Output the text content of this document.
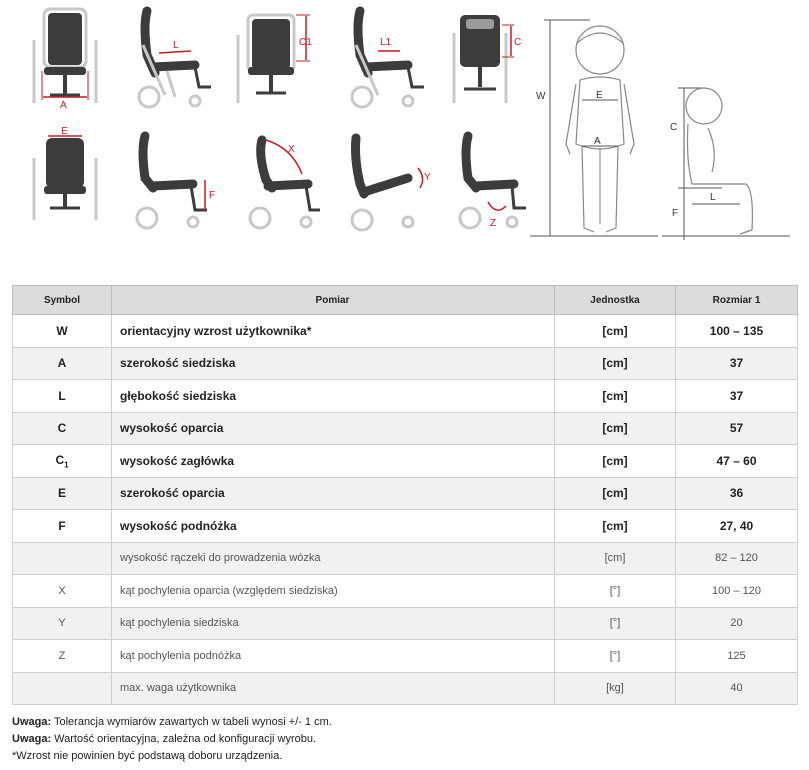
A
L	C1	L1	C
E
F
X
Y
Z
W	E
A
C
F
L
Symbol	Pomiar	Jednostka	Rozmiar 1
W	orientacyjny wzrost użytkownika*	[cm]	100 – 135
A	szerokość siedziska	[cm]	37
L	głębokość siedziska	[cm]	37
C	wysokość oparcia	[cm]	57
$C_1$	wysokość zagłówka	[cm]	47 – 60
E	szerokość oparcia	[cm]	36
F	wysokość podnóżka	[cm]	27, 40
	wysokość rączeki do prowadzenia wózka	[cm]	82 – 120
X	kąt pochylenia oparcia (względem siedziska)	[°]	100 – 120
Y	kąt pochylenia siedziska	[°]	20
Z	kąt pochylenia podnóżka	[°]	125
	max. waga użytkownika	[kg]	40
Uwaga: Tolerancja wymiarów zawartych w tabeli wynosi +/- 1 cm.
Uwaga: Wartość orientacyjna, zależna od konfiguracji wyrobu.
*Wzrost nie powinien być podstawą doboru urządzenia.
